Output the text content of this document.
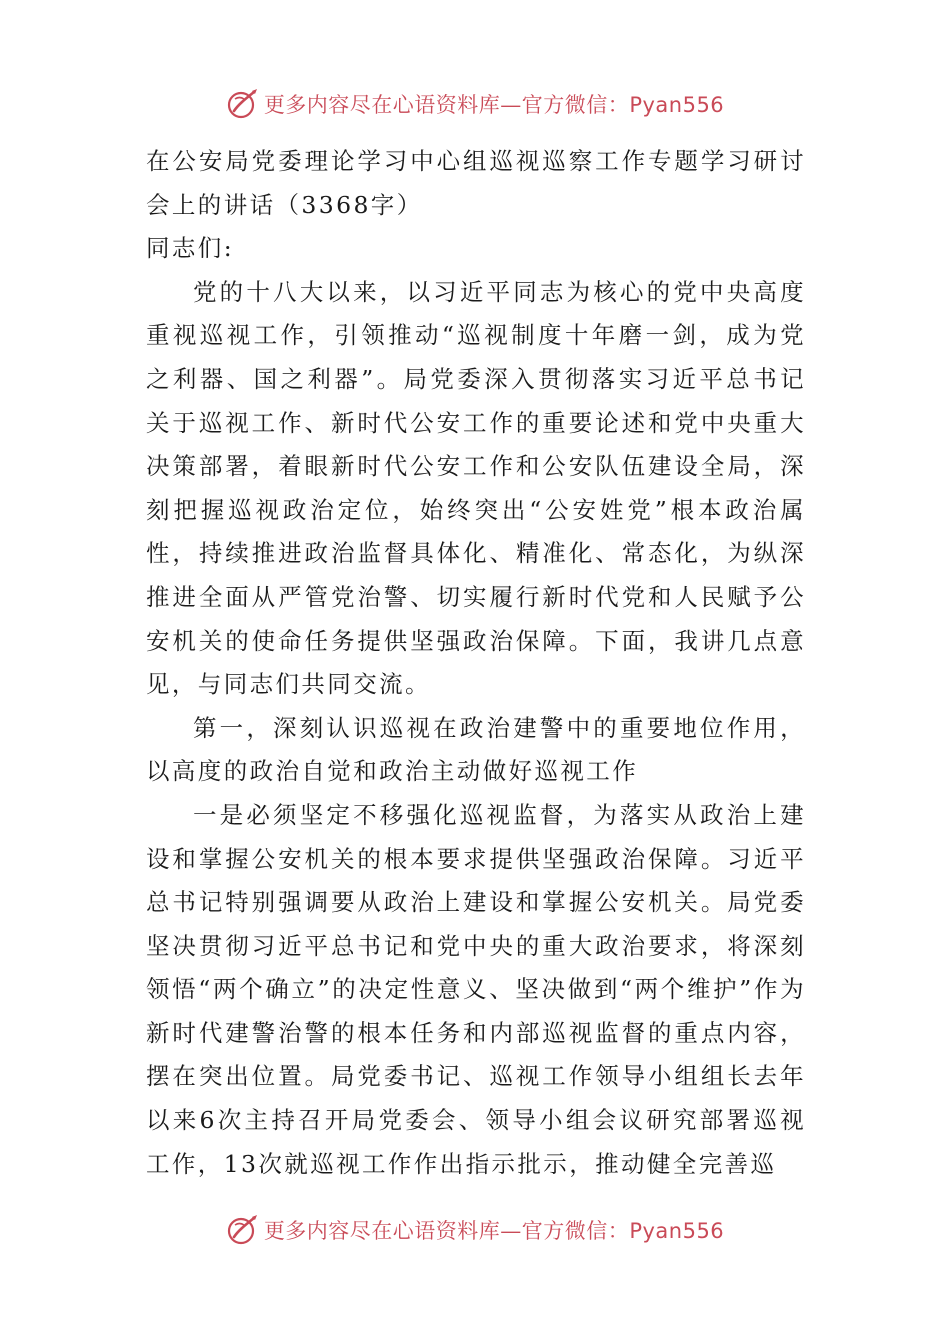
更多内容尽在心语资料库—官方微信：Pyan556

在公安局党委理论学习中心组巡视巡察工作专题学习研讨会上的讲话（3368字）

同志们:

党的十八大以来，以习近平同志为核心的党中央高度重视巡视工作，引领推动“巡视制度十年磨一剑，成为党之利器、国之利器”。局党委深入贯彻落实习近平总书记关于巡视工作、新时代公安工作的重要论述和党中央重大决策部署，着眼新时代公安工作和公安队伍建设全局，深刻把握巡视政治定位，始终突出“公安姓党”根本政治属性，持续推进政治监督具体化、精准化、常态化，为纵深推进全面从严管党治警、切实履行新时代党和人民赋予公安机关的使命任务提供坚强政治保障。下面，我讲几点意见，与同志们共同交流。

第一，深刻认识巡视在政治建警中的重要地位作用，以高度的政治自觉和政治主动做好巡视工作

一是必须坚定不移强化巡视监督，为落实从政治上建设和掌握公安机关的根本要求提供坚强政治保障。习近平总书记特别强调要从政治上建设和掌握公安机关。局党委坚决贯彻习近平总书记和党中央的重大政治要求，将深刻领悟“两个确立”的决定性意义、坚决做到“两个维护”作为新时代建警治警的根本任务和内部巡视监督的重点内容，摆在突出位置。局党委书记、巡视工作领导小组组长去年以来6次主持召开局党委会、领导小组会议研究部署巡视工作，13次就巡视工作作出指示批示，推动健全完善巡

更多内容尽在心语资料库—官方微信：Pyan556
